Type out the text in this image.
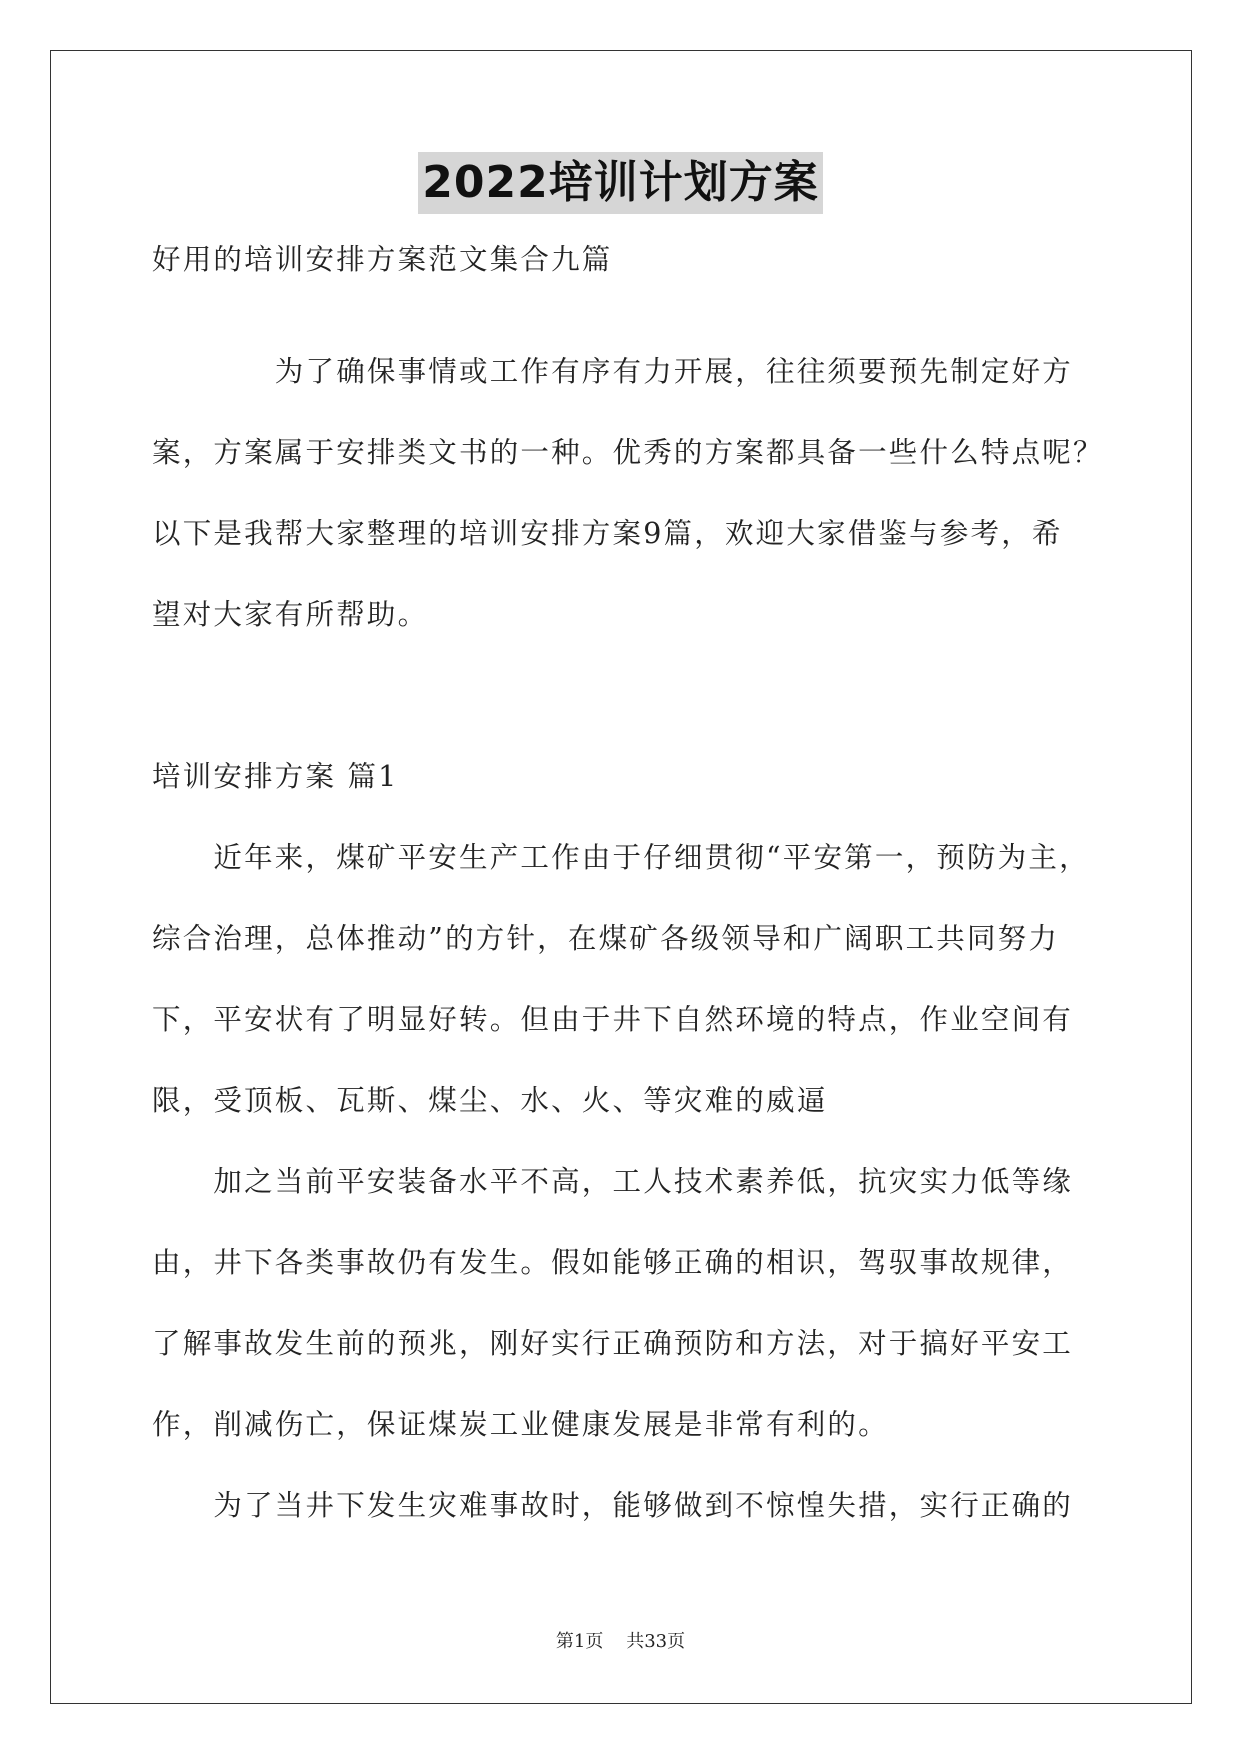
2022培训计划方案
好用的培训安排方案范文集合九篇
　　　　为了确保事情或工作有序有力开展，往往须要预先制定好方
案，方案属于安排类文书的一种。优秀的方案都具备一些什么特点呢？
以下是我帮大家整理的培训安排方案9篇，欢迎大家借鉴与参考，希
望对大家有所帮助。
培训安排方案 篇1
　　近年来，煤矿平安生产工作由于仔细贯彻“平安第一，预防为主，
综合治理，总体推动”的方针，在煤矿各级领导和广阔职工共同努力
下，平安状有了明显好转。但由于井下自然环境的特点，作业空间有
限，受顶板、瓦斯、煤尘、水、火、等灾难的威逼
　　加之当前平安装备水平不高，工人技术素养低，抗灾实力低等缘
由，井下各类事故仍有发生。假如能够正确的相识，驾驭事故规律，
了解事故发生前的预兆，刚好实行正确预防和方法，对于搞好平安工
作，削减伤亡，保证煤炭工业健康发展是非常有利的。
　　为了当井下发生灾难事故时，能够做到不惊惶失措，实行正确的
第1页 共33页
